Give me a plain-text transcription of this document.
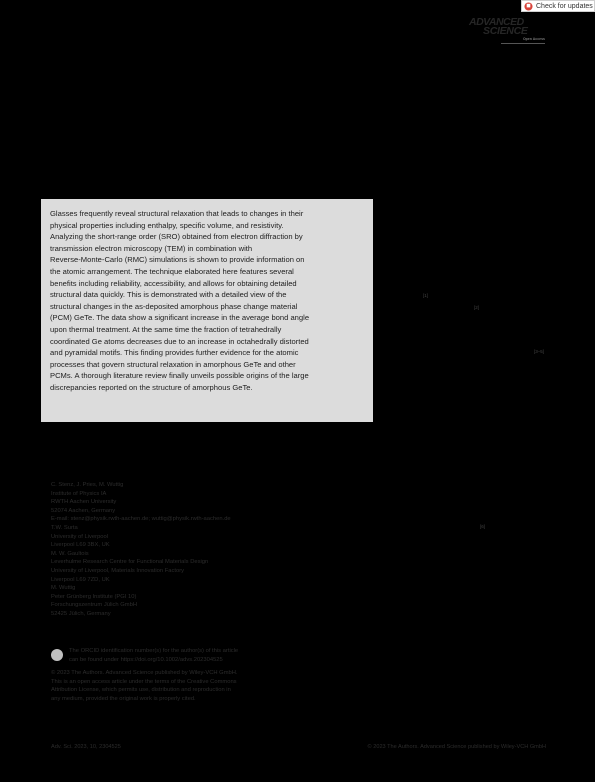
Check for updates
ADVANCED
SCIENCE
Open Access
Glasses frequently reveal structural relaxation that leads to changes in their
physical properties including enthalpy, specific volume, and resistivity.
Analyzing the short-range order (SRO) obtained from electron diffraction by
transmission electron microscopy (TEM) in combination with
Reverse-Monte-Carlo (RMC) simulations is shown to provide information on
the atomic arrangement. The technique elaborated here features several
benefits including reliability, accessibility, and allows for obtaining detailed
structural data quickly. This is demonstrated with a detailed view of the
structural changes in the as-deposited amorphous phase change material
(PCM) GeTe. The data show a significant increase in the average bond angle
upon thermal treatment. At the same time the fraction of tetrahedrally
coordinated Ge atoms decreases due to an increase in octahedrally distorted
and pyramidal motifs. This finding provides further evidence for the atomic
processes that govern structural relaxation in amorphous GeTe and other
PCMs. A thorough literature review finally unveils possible origins of the large
discrepancies reported on the structure of amorphous GeTe.
[1]
[2]
[3–5]
[6]
C. Stenz, J. Pries, M. Wuttig
Institute of Physics IA
RWTH Aachen University
52074 Aachen, Germany
E-mail: stenz@physik.rwth-aachen.de; wuttig@physik.rwth-aachen.de
T.W. Surta
University of Liverpool
Liverpool L69 3BX, UK
M. W. Gaultois
Leverhulme Research Centre for Functional Materials Design
University of Liverpool, Materials Innovation Factory
Liverpool L69 7ZD, UK
M. Wuttig
Peter Grünberg Institute (PGI 10)
Forschungszentrum Jülich GmbH
52425 Jülich, Germany
The ORCID identification number(s) for the author(s) of this article
can be found under https://doi.org/10.1002/advs.202304525
© 2023 The Authors. Advanced Science published by Wiley-VCH GmbH.
This is an open access article under the terms of the Creative Commons
Attribution License, which permits use, distribution and reproduction in
any medium, provided the original work is properly cited.
Adv. Sci. 2023, 10, 2304525	© 2023 The Authors. Advanced Science published by Wiley-VCH GmbH
